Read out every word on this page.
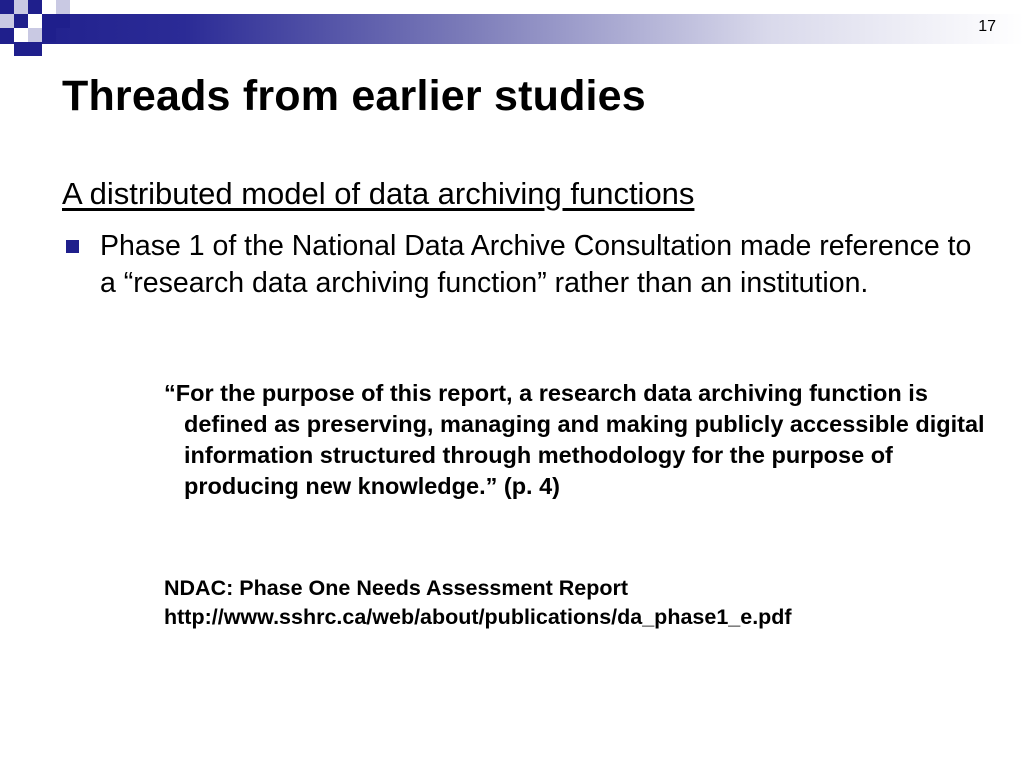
17
Threads from earlier studies
A distributed model of data archiving functions
Phase 1 of the National Data Archive Consultation made reference to a “research data archiving function” rather than an institution.
“For the purpose of this report, a research data archiving function is defined as preserving, managing and making publicly accessible digital information structured through methodology for the purpose of producing new knowledge.” (p. 4)
NDAC: Phase One Needs Assessment Report
http://www.sshrc.ca/web/about/publications/da_phase1_e.pdf
